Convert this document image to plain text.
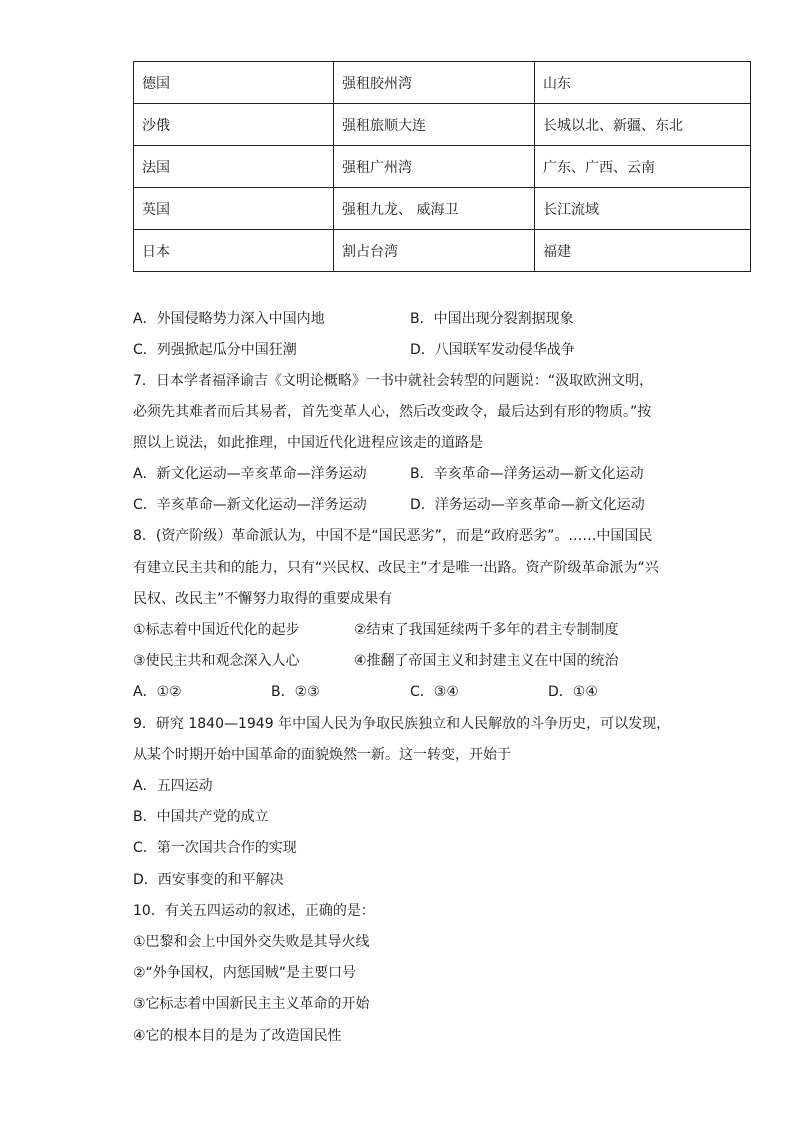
德国	强租胶州湾	山东
沙俄	强租旅顺大连	长城以北、新疆、东北
法国	强租广州湾	广东、广西、云南
英国	强租九龙、 威海卫	长江流域
日本	割占台湾	福建
A．外国侵略势力深入中国内地	B．中国出现分裂割据现象
C．列强掀起瓜分中国狂潮	D．八国联军发动侵华战争
7．日本学者福泽谕吉《文明论概略》一书中就社会转型的问题说：“汲取欧洲文明，
必须先其难者而后其易者，首先变革人心，然后改变政令，最后达到有形的物质。”按
照以上说法，如此推理，中国近代化进程应该走的道路是
A．新文化运动—辛亥革命—洋务运动	B．辛亥革命—洋务运动—新文化运动
C．辛亥革命—新文化运动—洋务运动	D．洋务运动—辛亥革命—新文化运动
8．(资产阶级）革命派认为，中国不是“国民恶劣”，而是“政府恶劣”。……中国国民
有建立民主共和的能力，只有“兴民权、改民主”才是唯一出路。资产阶级革命派为“兴
民权、改民主”不懈努力取得的重要成果有
①标志着中国近代化的起步	②结束了我国延续两千多年的君主专制制度
③使民主共和观念深入人心	④推翻了帝国主义和封建主义在中国的统治
A．①②	B．②③	C．③④	D．①④
9．研究 1840—1949 年中国人民为争取民族独立和人民解放的斗争历史，可以发现，
从某个时期开始中国革命的面貌焕然一新。这一转变，开始于
A．五四运动
B．中国共产党的成立
C．第一次国共合作的实现
D．西安事变的和平解决
10．有关五四运动的叙述，正确的是：
①巴黎和会上中国外交失败是其导火线
②“外争国权，内惩国贼”是主要口号
③它标志着中国新民主主义革命的开始
④它的根本目的是为了改造国民性
